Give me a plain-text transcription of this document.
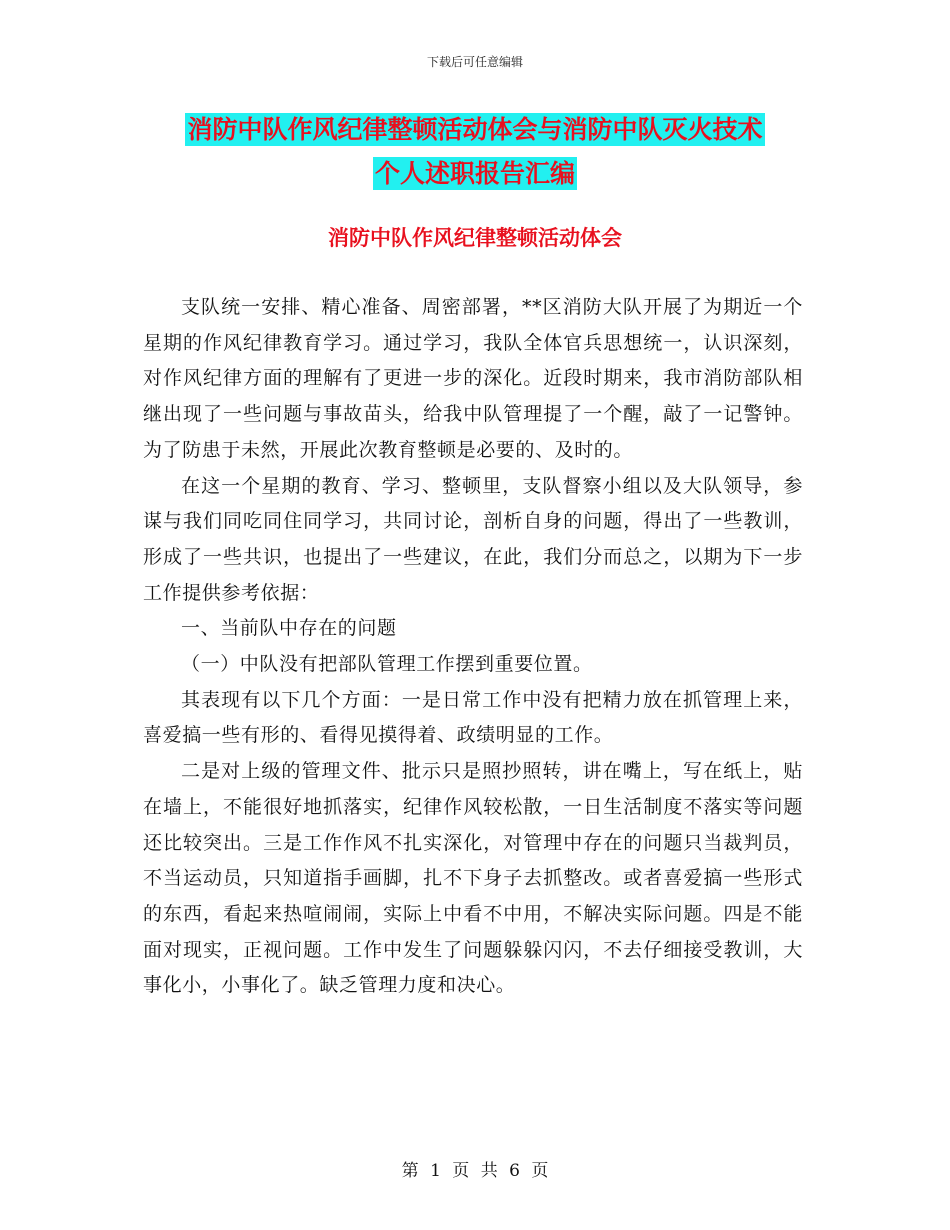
下载后可任意编辑
消防中队作风纪律整顿活动体会与消防中队灭火技术
个人述职报告汇编
消防中队作风纪律整顿活动体会

支队统一安排、精心准备、周密部署，**区消防大队开展了为期近一个星期的作风纪律教育学习。通过学习，我队全体官兵思想统一，认识深刻，对作风纪律方面的理解有了更进一步的深化。近段时期来，我市消防部队相继出现了一些问题与事故苗头，给我中队管理提了一个醒，敲了一记警钟。为了防患于未然，开展此次教育整顿是必要的、及时的。

在这一个星期的教育、学习、整顿里，支队督察小组以及大队领导，参谋与我们同吃同住同学习，共同讨论，剖析自身的问题，得出了一些教训，形成了一些共识，也提出了一些建议，在此，我们分而总之，以期为下一步工作提供参考依据：

一、当前队中存在的问题

（一）中队没有把部队管理工作摆到重要位置。

其表现有以下几个方面：一是日常工作中没有把精力放在抓管理上来，喜爱搞一些有形的、看得见摸得着、政绩明显的工作。

二是对上级的管理文件、批示只是照抄照转，讲在嘴上，写在纸上，贴在墙上，不能很好地抓落实，纪律作风较松散，一日生活制度不落实等问题还比较突出。三是工作作风不扎实深化，对管理中存在的问题只当裁判员，不当运动员，只知道指手画脚，扎不下身子去抓整改。或者喜爱搞一些形式的东西，看起来热喧闹闹，实际上中看不中用，不解决实际问题。四是不能面对现实，正视问题。工作中发生了问题躲躲闪闪，不去仔细接受教训，大事化小，小事化了。缺乏管理力度和决心。

第 1 页 共 6 页
